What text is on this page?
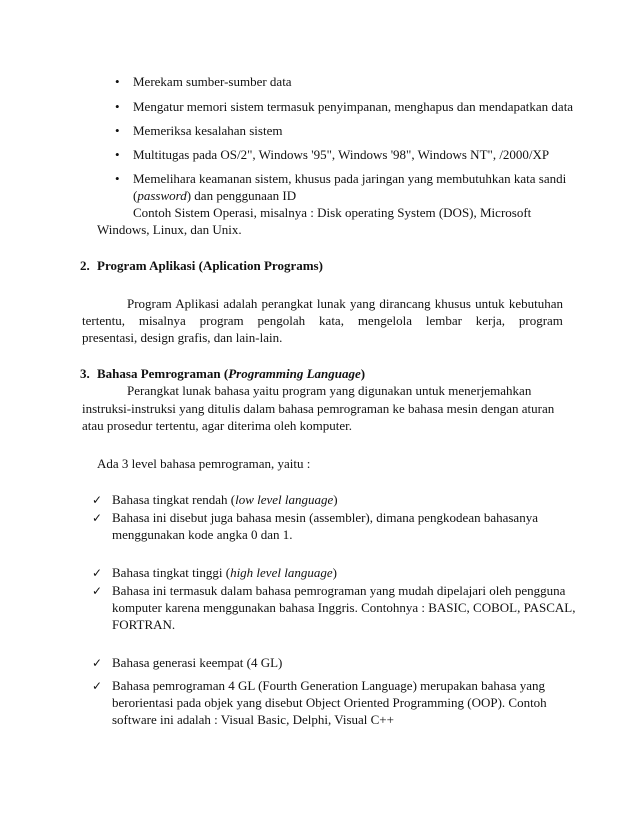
• Merekam sumber-sumber data
• Mengatur memori sistem termasuk penyimpanan, menghapus dan mendapatkan data
• Memeriksa kesalahan sistem
• Multitugas pada OS/2", Windows '95", Windows '98", Windows NT", /2000/XP
• Memelihara keamanan sistem, khusus pada jaringan yang membutuhkan kata sandi
(password) dan penggunaan ID
Contoh Sistem Operasi, misalnya : Disk operating System (DOS), Microsoft
Windows, Linux, dan Unix.
2. Program Aplikasi (Aplication Programs)
Program Aplikasi adalah perangkat lunak yang dirancang khusus untuk kebutuhan
tertentu, misalnya program pengolah kata, mengelola lembar kerja, program
presentasi, design grafis, dan lain-lain.
3. Bahasa Pemrograman (Programming Language)
Perangkat lunak bahasa yaitu program yang digunakan untuk menerjemahkan
instruksi-instruksi yang ditulis dalam bahasa pemrograman ke bahasa mesin dengan aturan
atau prosedur tertentu, agar diterima oleh komputer.
Ada 3 level bahasa pemrograman, yaitu :
✓ Bahasa tingkat rendah (low level language)
✓ Bahasa ini disebut juga bahasa mesin (assembler), dimana pengkodean bahasanya
menggunakan kode angka 0 dan 1.
✓ Bahasa tingkat tinggi (high level language)
✓ Bahasa ini termasuk dalam bahasa pemrograman yang mudah dipelajari oleh pengguna
komputer karena menggunakan bahasa Inggris. Contohnya : BASIC, COBOL, PASCAL,
FORTRAN.
✓ Bahasa generasi keempat (4 GL)
✓ Bahasa pemrograman 4 GL (Fourth Generation Language) merupakan bahasa yang
berorientasi pada objek yang disebut Object Oriented Programming (OOP). Contoh
software ini adalah : Visual Basic, Delphi, Visual C++
